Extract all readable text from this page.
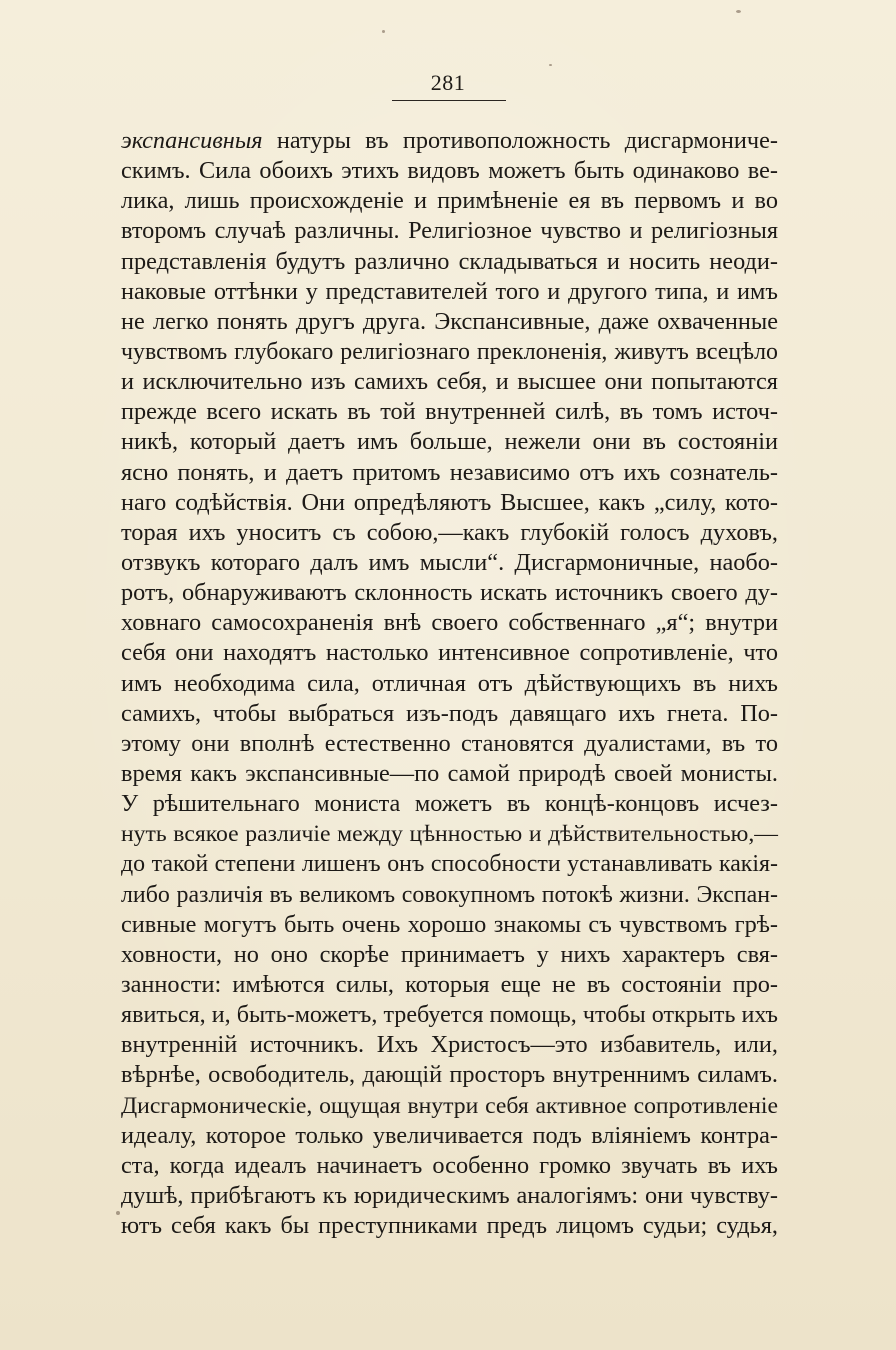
281
экспансивныя натуры въ противоположность дисгармониче-
скимъ. Сила обоихъ этихъ видовъ можетъ быть одинаково ве-
лика, лишь происхожденіе и примѣненіе ея въ первомъ и во
второмъ случаѣ различны. Религіозное чувство и религіозныя
представленія будутъ различно складываться и носить неоди-
наковые оттѣнки у представителей того и другого типа, и имъ
не легко понять другъ друга. Экспансивные, даже охваченные
чувствомъ глубокаго религіознаго преклоненія, живутъ всецѣло
и исключительно изъ самихъ себя, и высшее они попытаются
прежде всего искать въ той внутренней силѣ, въ томъ источ-
никѣ, который даетъ имъ больше, нежели они въ состояніи
ясно понять, и даетъ притомъ независимо отъ ихъ сознатель-
наго содѣйствія. Они опредѣляютъ Высшее, какъ „силу, кото-
торая ихъ уноситъ съ собою,—какъ глубокій голосъ духовъ,
отзвукъ котораго далъ имъ мысли“. Дисгармоничные, наобо-
ротъ, обнаруживаютъ склонность искать источникъ своего ду-
ховнаго самосохраненія внѣ своего собственнаго „я“; внутри
себя они находятъ настолько интенсивное сопротивленіе, что
имъ необходима сила, отличная отъ дѣйствующихъ въ нихъ
самихъ, чтобы выбраться изъ-подъ давящаго ихъ гнета. По-
этому они вполнѣ естественно становятся дуалистами, въ то
время какъ экспансивные—по самой природѣ своей монисты.
У рѣшительнаго мониста можетъ въ концѣ-концовъ исчез-
нуть всякое различіе между цѣнностью и дѣйствительностью,—
до такой степени лишенъ онъ способности устанавливать какія-
либо различія въ великомъ совокупномъ потокѣ жизни. Экспан-
сивные могутъ быть очень хорошо знакомы съ чувствомъ грѣ-
ховности, но оно скорѣе принимаетъ у нихъ характеръ свя-
занности: имѣются силы, которыя еще не въ состояніи про-
явиться, и, быть-можетъ, требуется помощь, чтобы открыть ихъ
внутренній источникъ. Ихъ Христосъ—это избавитель, или,
вѣрнѣе, освободитель, дающій просторъ внутреннимъ силамъ.
Дисгармоническіе, ощущая внутри себя активное сопротивленіе
идеалу, которое только увеличивается подъ вліяніемъ контра-
ста, когда идеалъ начинаетъ особенно громко звучать въ ихъ
душѣ, прибѣгаютъ къ юридическимъ аналогіямъ: они чувству-
ютъ себя какъ бы преступниками предъ лицомъ судьи; судья,
